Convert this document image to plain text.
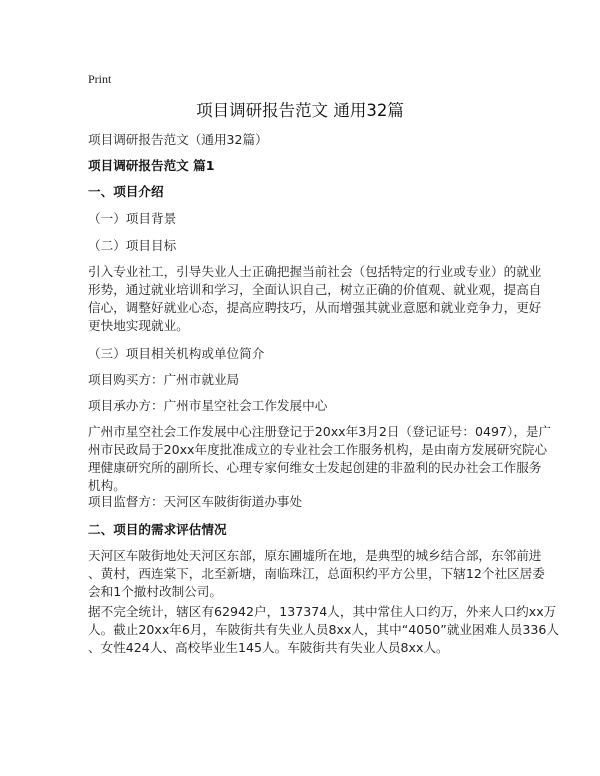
Print
项目调研报告范文 通用32篇
项目调研报告范文（通用32篇）
项目调研报告范文 篇1
一、项目介绍
（一）项目背景
（二）项目目标
引入专业社工，引导失业人士正确把握当前社会（包括特定的行业或专业）的就业
形势，通过就业培训和学习，全面认识自己，树立正确的价值观、就业观，提高自
信心，调整好就业心态，提高应聘技巧，从而增强其就业意愿和就业竞争力，更好
更快地实现就业。
（三）项目相关机构或单位简介
项目购买方：广州市就业局
项目承办方：广州市星空社会工作发展中心
广州市星空社会工作发展中心注册登记于20xx年3月2日（登记证号：0497），是广
州市民政局于20xx年度批准成立的专业社会工作服务机构，是由南方发展研究院心
理健康研究所的副所长、心理专家何维女士发起创建的非盈利的民办社会工作服务
机构。
项目监督方：天河区车陂街街道办事处
二、项目的需求评估情况
天河区车陂街地处天河区东部，原东圃墟所在地，是典型的城乡结合部，东邻前进
、黄村，西连棠下，北至新塘，南临珠江，总面积约平方公里，下辖12个社区居委
会和1个撤村改制公司。
据不完全统计，辖区有62942户，137374人，其中常住人口约万，外来人口约xx万
人。截止20xx年6月，车陂街共有失业人员8xx人，其中“4050”就业困难人员336人
、女性424人、高校毕业生145人。车陂街共有失业人员8xx人。
